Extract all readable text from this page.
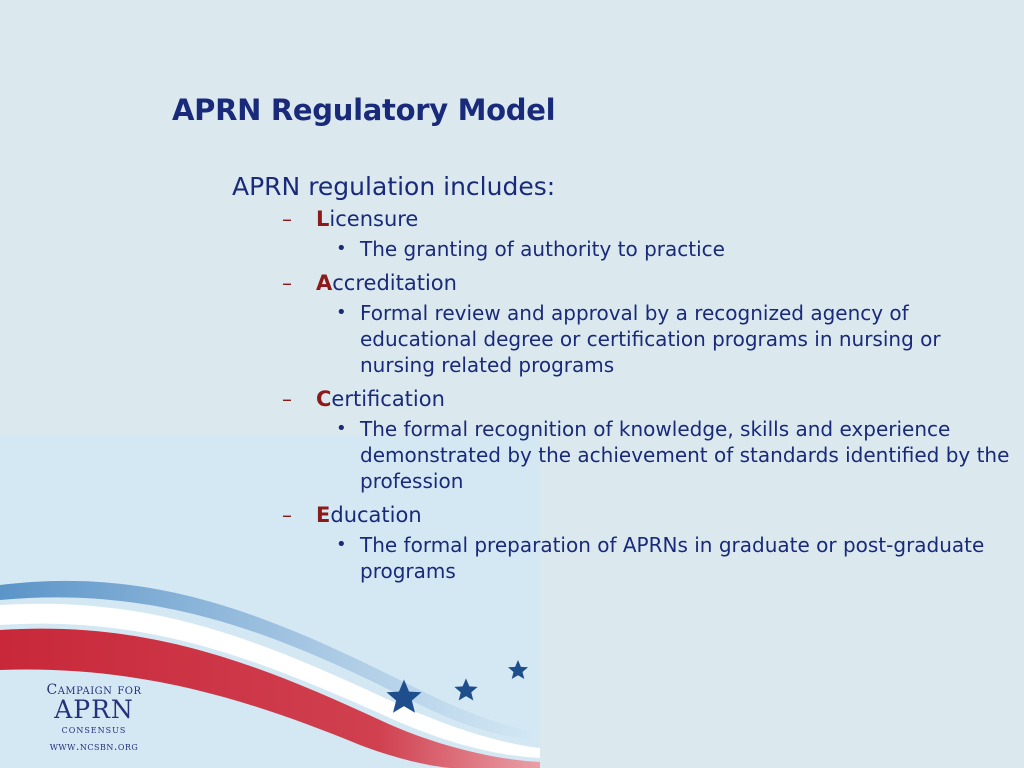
APRN Regulatory Model
APRN regulation includes:
– Licensure
• The granting of authority to practice
– Accreditation
• Formal review and approval by a recognized agency of educational degree or certification programs in nursing or nursing related programs
– Certification
• The formal recognition of knowledge, skills and experience demonstrated by the achievement of standards identified by the profession
– Education
• The formal preparation of APRNs in graduate or post-graduate programs
Campaign for
APRN
consensus
www.ncsbn.org
